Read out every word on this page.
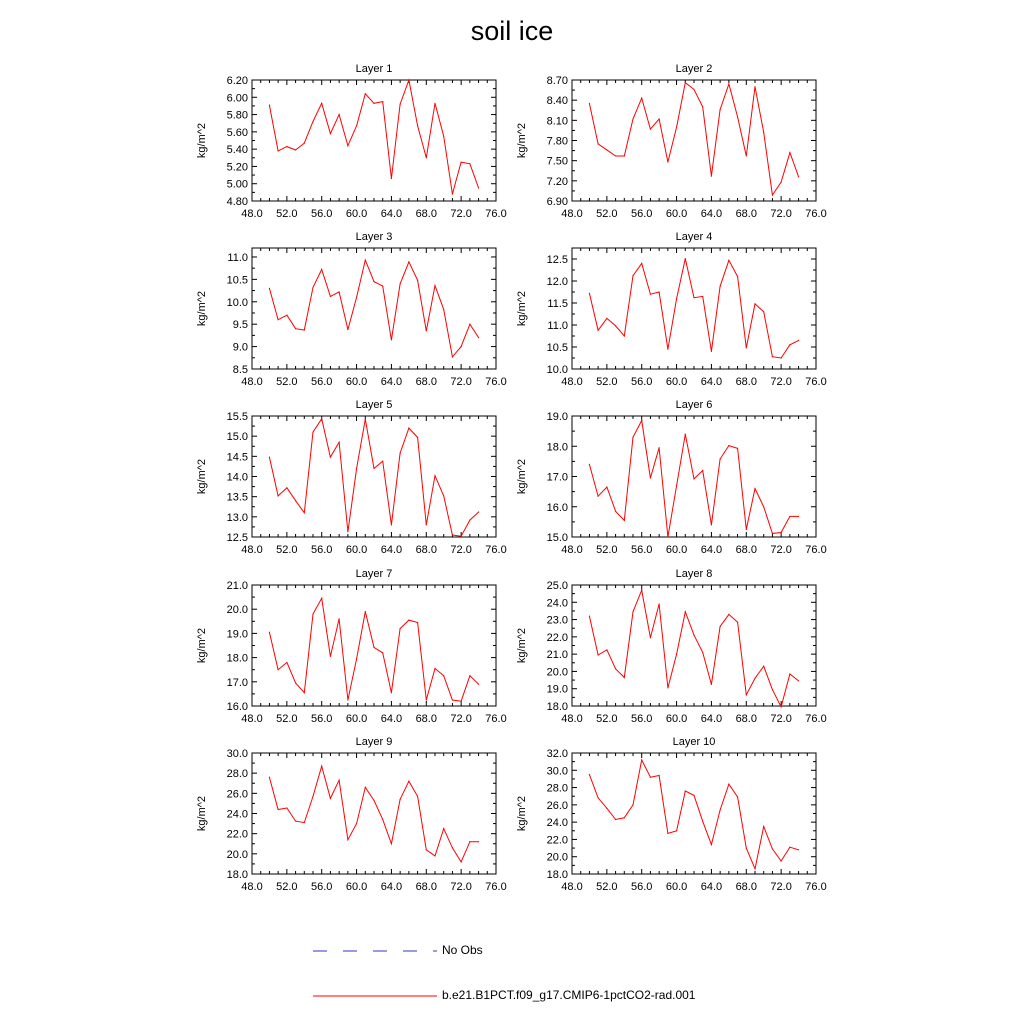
soil ice
Layer 1
kg/m^2
48.0 52.0 56.0 60.0 64.0 68.0 72.0 76.0
4.80
5.00
5.20
5.40
5.60
5.80
6.00
6.20
Layer 2
kg/m^2
48.0 52.0 56.0 60.0 64.0 68.0 72.0 76.0
6.90
7.20
7.50
7.80
8.10
8.40
8.70
Layer 3
kg/m^2
48.0 52.0 56.0 60.0 64.0 68.0 72.0 76.0
8.5
9.0
9.5
10.0
10.5
11.0
Layer 4
kg/m^2
48.0 52.0 56.0 60.0 64.0 68.0 72.0 76.0
10.0
10.5
11.0
11.5
12.0
12.5
Layer 5
kg/m^2
48.0 52.0 56.0 60.0 64.0 68.0 72.0 76.0
12.5
13.0
13.5
14.0
14.5
15.0
15.5
Layer 6
kg/m^2
48.0 52.0 56.0 60.0 64.0 68.0 72.0 76.0
15.0
16.0
17.0
18.0
19.0
Layer 7
kg/m^2
48.0 52.0 56.0 60.0 64.0 68.0 72.0 76.0
16.0
17.0
18.0
19.0
20.0
21.0
Layer 8
kg/m^2
48.0 52.0 56.0 60.0 64.0 68.0 72.0 76.0
18.0
19.0
20.0
21.0
22.0
23.0
24.0
25.0
Layer 9
kg/m^2
48.0 52.0 56.0 60.0 64.0 68.0 72.0 76.0
18.0
20.0
22.0
24.0
26.0
28.0
30.0
Layer 10
kg/m^2
48.0 52.0 56.0 60.0 64.0 68.0 72.0 76.0
18.0
20.0
22.0
24.0
26.0
28.0
30.0
32.0
No Obs
b.e21.B1PCT.f09_g17.CMIP6-1pctCO2-rad.001
